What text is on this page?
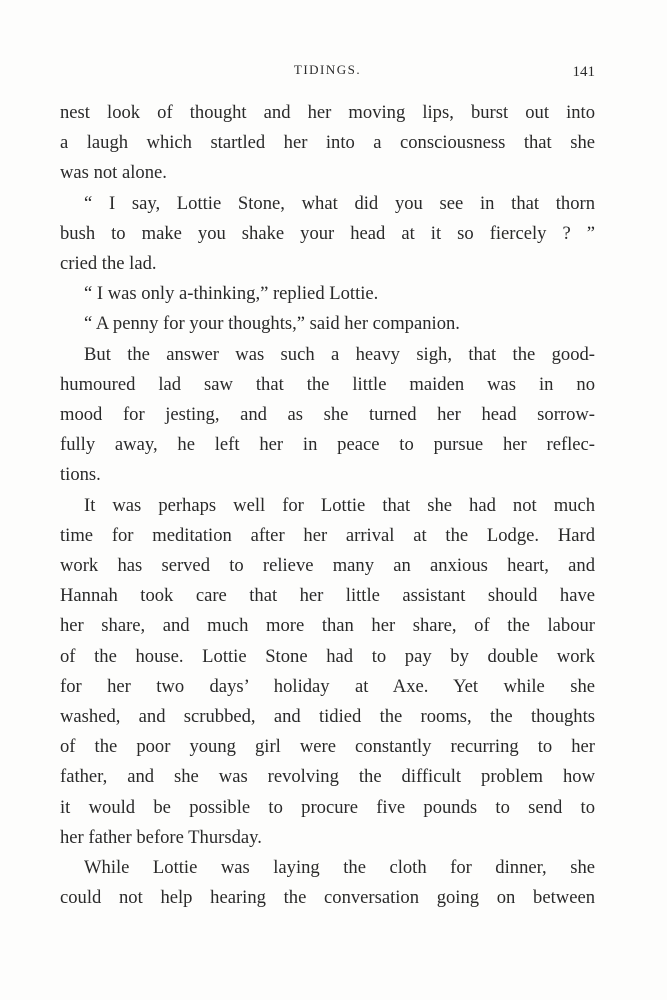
TIDINGS.	141
nest look of thought and her moving lips, burst out into
a laugh which startled her into a consciousness that she
was not alone.
“ I say, Lottie Stone, what did you see in that thorn
bush to make you shake your head at it so fiercely ? ”
cried the lad.
“ I was only a-thinking,” replied Lottie.
“ A penny for your thoughts,” said her companion.
But the answer was such a heavy sigh, that the good-
humoured lad saw that the little maiden was in no
mood for jesting, and as she turned her head sorrow-
fully away, he left her in peace to pursue her reflec-
tions.
It was perhaps well for Lottie that she had not much
time for meditation after her arrival at the Lodge. Hard
work has served to relieve many an anxious heart, and
Hannah took care that her little assistant should have
her share, and much more than her share, of the labour
of the house. Lottie Stone had to pay by double work
for her two days’ holiday at Axe. Yet while she
washed, and scrubbed, and tidied the rooms, the thoughts
of the poor young girl were constantly recurring to her
father, and she was revolving the difficult problem how
it would be possible to procure five pounds to send to
her father before Thursday.
While Lottie was laying the cloth for dinner, she
could not help hearing the conversation going on between
